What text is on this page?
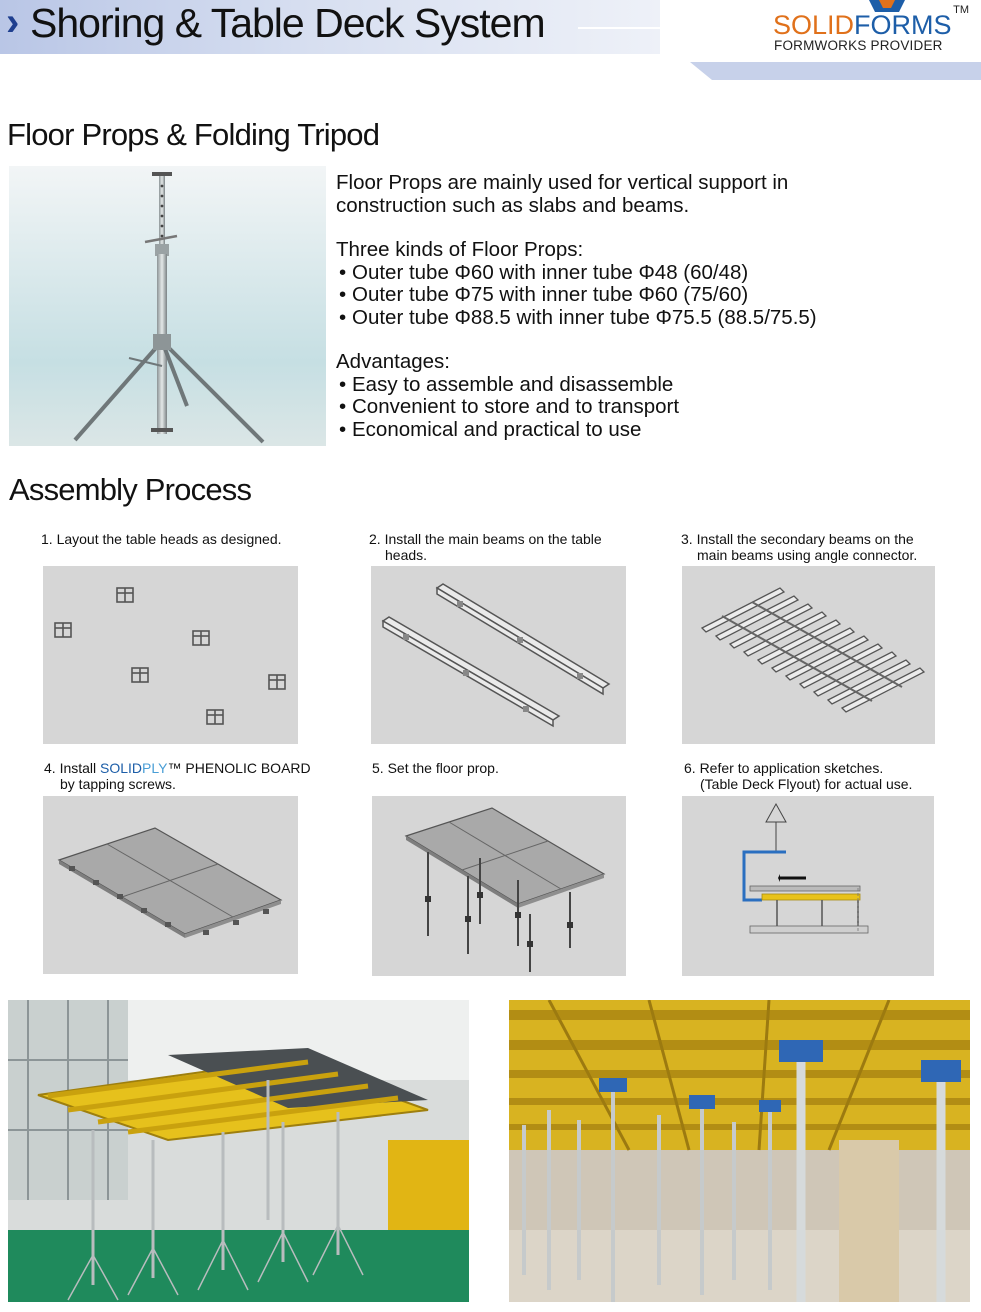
› Shoring & Table Deck System	SOLIDFORMS TM
FORMWORKS PROVIDER
Floor Props & Folding Tripod
Floor Props are mainly used for vertical support in
construction such as slabs and beams.
Three kinds of Floor Props:
• Outer tube Φ60 with inner tube Φ48 (60/48)
• Outer tube Φ75 with inner tube Φ60 (75/60)
• Outer tube Φ88.5 with inner tube Φ75.5 (88.5/75.5)
Advantages:
• Easy to assemble and disassemble
• Convenient to store and to transport
• Economical and practical to use
Assembly Process
1. Layout the table heads as designed.	2. Install the main beams on the table
heads.
3. Install the secondary beams on the
main beams using angle connector.
4. Install SOLIDPLY™ PHENOLIC BOARD
by tapping screws.
5. Set the floor prop.	6. Refer to application sketches.
(Table Deck Flyout) for actual use.
